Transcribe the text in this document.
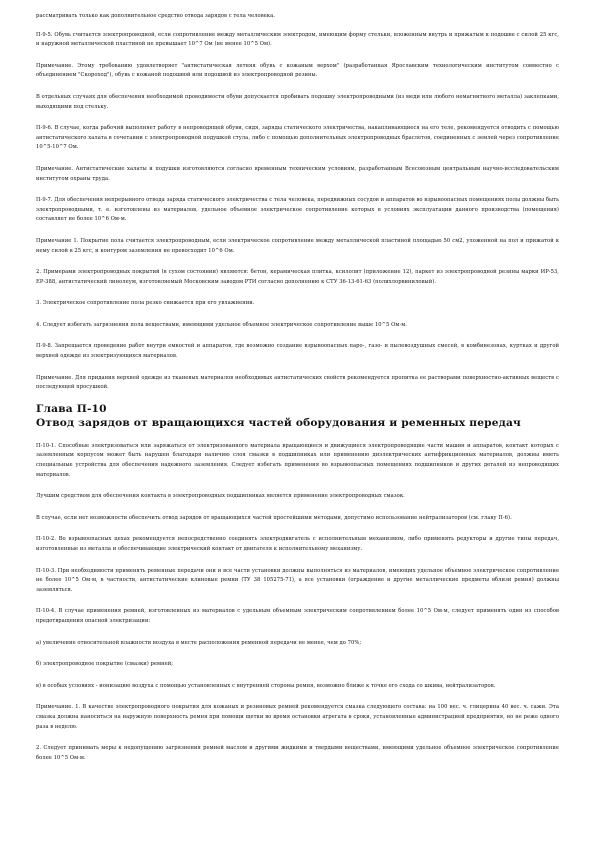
рассматривать только как дополнительное средство отвода зарядов с тела человека.

П-9-5. Обувь считается электропроводной, если сопротивление между металлическим электродом, имеющим форму стельки, вложенным внутрь и прижатым к подошве с силой 25 кгс, и наружной металлической пластиной не превышает 10^7 Ом (не менее 10^5 Ом).

Примечание. Этому требованию удовлетворяет "антистатическая летняя обувь с кожаным верхом" (разработанная Ярославским технологическим институтом совместно с объединением "Скороход"), обувь с кожаной подошвой или подошвой из электропроводной резины.

В отдельных случаях для обеспечения необходимой проводимости обуви допускается пробивать подошву электропроводными (из меди или любого немагнитного металла) заклепками, выходящими под стельку.

П-9-6. В случае, когда рабочий выполняет работу в непроводящей обуви, сидя, заряды статического электричества, накапливающиеся на его теле, рекомендуется отводить с помощью антистатического халата в сочетании с электропроводной подушкой стула, либо с помощью дополнительных электропроводных браслетов, соединенных с землей через сопротивление 10^5-10^7 Ом.

Примечание. Антистатические халаты и подушки изготовляются согласно временным техническим условиям, разработанным Всесоюзным центральным научно-исследовательским институтом охраны труда.

П-9-7. Для обеспечения непрерывного отвода заряда статического электричества с тела человека, передвижных сосудов и аппаратов во взрывоопасных помещениях полы должны быть электропроводными, т. е. изготовлены из материалов, удельное объемное электрическое сопротивление которых в условиях эксплуатации данного производства (помещения) составляет не более 10^6 Ом·м.

Примечание 1. Покрытие пола считается электропроводным, если электрическое сопротивление между металлической пластиной площадью 50 см2, уложенной на пол и прижатой к нему силой в 25 кгс, и контуром заземления не превосходит 10^6 Ом.

2. Примерами электропроводных покрытий (в сухом состоянии) являются: бетон, керамическая плитка, ксилолит (приложение 12), паркет из электропроводной резины марки ИР-53, ЕР-388, антистатический линолеум, изготовляемый Московским заводом РТИ согласно дополнению к СТУ 36-13-61-63 (полихлорвиниловый).

3. Электрическое сопротивление пола резко снижается при его увлажнении.

4. Следует избегать загрязнения пола веществами, имеющими удельное объемное электрическое сопротивление выше 10^5 Ом·м.

П-9-8. Запрещается проведение работ внутри емкостей и аппаратов, где возможно создание взрывоопасных паро-, газо- и пылевоздушных смесей, в комбинезонах, куртках и другой верхней одежде из электризующихся материалов.

Примечание. Для придания верхней одежде из тканевых материалов необходимых антистатических свойств рекомендуется пропитка ее растворами поверхностно-активных веществ с последующей просушкой.

Глава П-10
Отвод зарядов от вращающихся частей оборудования и ременных передач

П-10-1. Способные электризоваться или заряжаться от электризованного материала вращающиеся и движущиеся электропроводящие части машин и аппаратов, контакт которых с заземленным корпусом может быть нарушен благодаря наличию слоя смазки в подшипниках или применению диэлектрических антифрикционных материалов, должны иметь специальные устройства для обеспечения надежного заземления. Следует избегать применения во взрывоопасных помещениях подшипников и других деталей из непроводящих материалов.

Лучшим средством для обеспечения контакта в электропроводных подшипниках является применение электропроводных смазок.

В случае, если нет возможности обеспечить отвод зарядов от вращающихся частей простейшими методами, допустимо использование нейтрализаторов (см. главу П-6).

П-10-2. Во взрывоопасных цехах рекомендуется непосредственно соединять электродвигатель с исполнительным механизмом, либо применять редукторы и другие типы передач, изготовленные из металла и обеспечивающие электрический контакт от двигателя к исполнительному механизму.

П-10-3. При необходимости применять ременные передачи они и все части установки должны выполняться из материалов, имеющих удельное объемное электрическое сопротивление не более 10^5 Ом·м, в частности, антистатические клиновые ремни (ТУ 38 105275-71), а все установки (ограждение и другие металлические предметы вблизи ремня) должны заземляться.

П-10-4. В случае применения ремней, изготовленных из материалов с удельным объемным электрическим сопротивлением более 10^5 Ом·м, следует применять один из способов предотвращения опасной электризации:

а) увеличение относительной влажности воздуха в месте расположения ременной передачи не менее, чем до 70%;

б) электропроводное покрытие (смазки) ремней;

в) в особых условиях - ионизацию воздуха с помощью установленных с внутренней стороны ремня, возможно ближе к точке его схода со шкива, нейтрализаторов.

Примечание. 1. В качестве электропроводного покрытия для кожаных и резиновых ремней рекомендуется смазка следующего состава: на 100 вес. ч. глицерина 40 вес. ч. сажи. Эта смазка должна наноситься на наружную поверхность ремня при помощи щетки во время остановки агрегата в сроки, установленные администрацией предприятия, но не реже одного раза в неделю.

2. Следует принимать меры к недопущению загрязнения ремней маслом и другими жидкими и твердыми веществами, имеющими удельное объемное электрическое сопротивление более 10^5 Ом·м.
